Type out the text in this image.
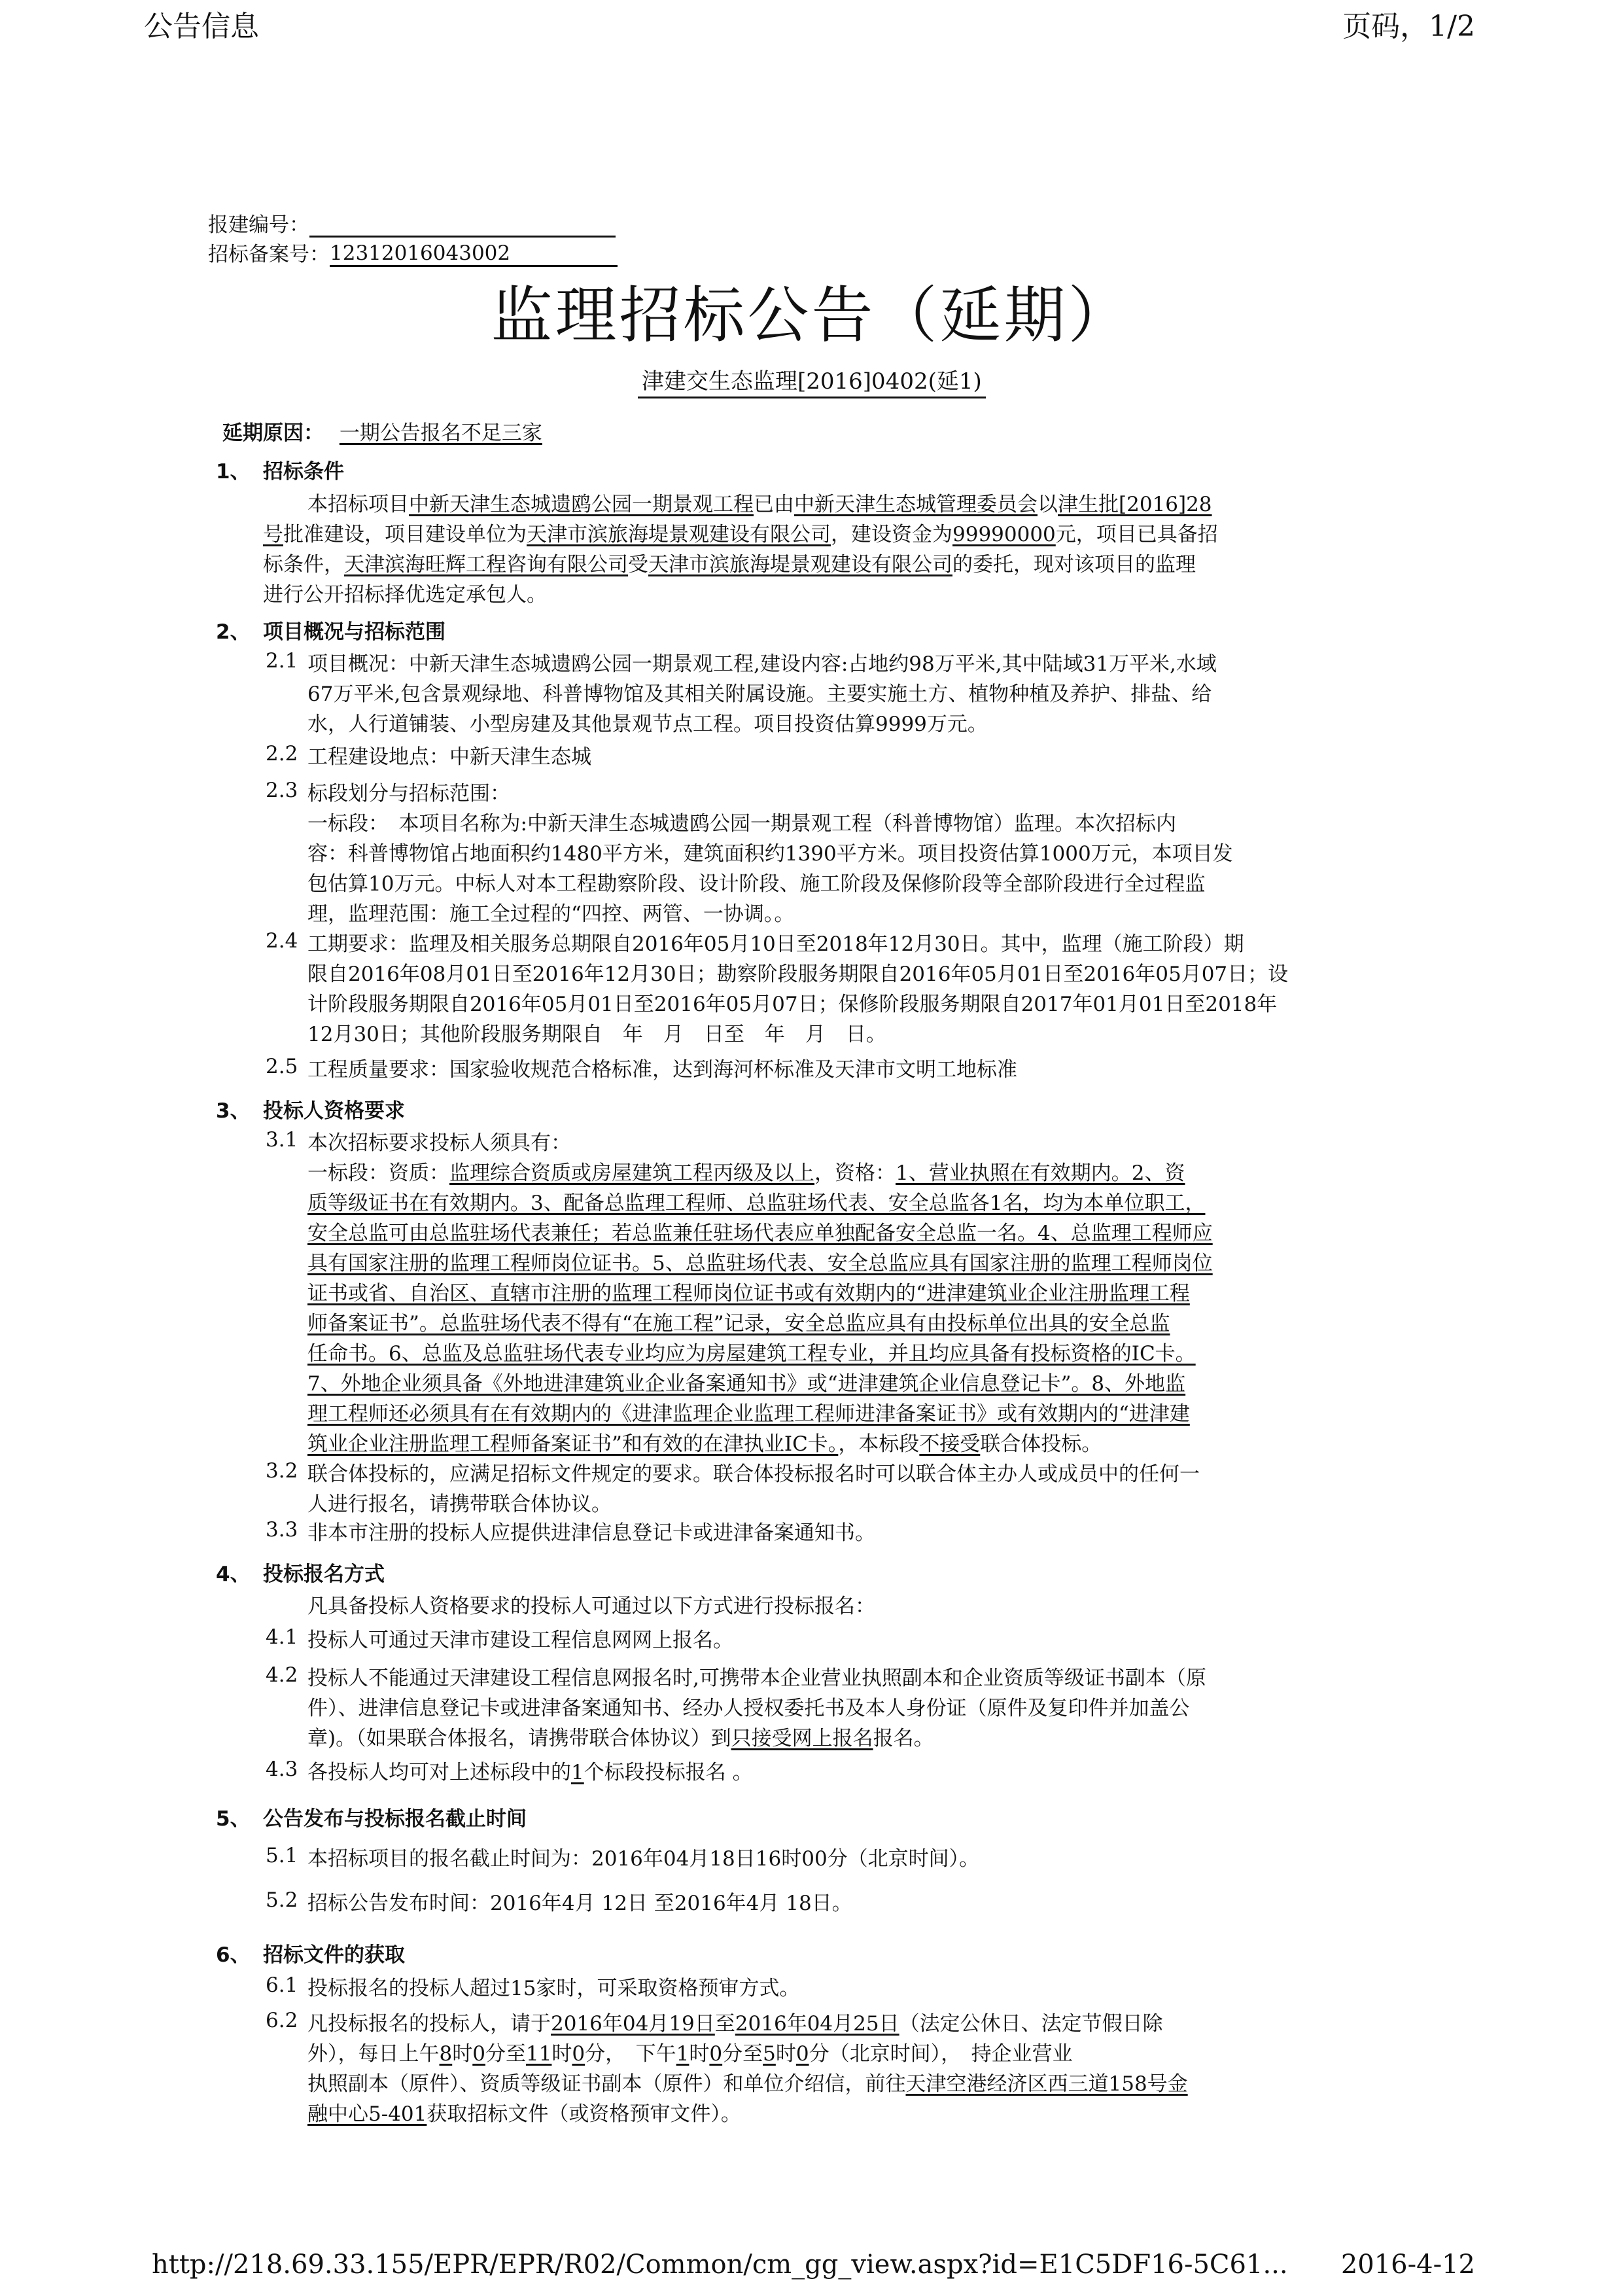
公告信息	页码，1/2
报建编号：
招标备案号：12312016043002
监理招标公告（延期）
津建交生态监理[2016]0402(延1)
延期原因： 一期公告报名不足三家
1、 招标条件
本招标项目中新天津生态城遗鸥公园一期景观工程已由中新天津生态城管理委员会以津生批[2016]28
号批准建设，项目建设单位为天津市滨旅海堤景观建设有限公司，建设资金为99990000元，项目已具备招
标条件，天津滨海旺辉工程咨询有限公司受天津市滨旅海堤景观建设有限公司的委托，现对该项目的监理
进行公开招标择优选定承包人。
2、 项目概况与招标范围
2.1 项目概况：中新天津生态城遗鸥公园一期景观工程,建设内容:占地约98万平米,其中陆域31万平米,水域
67万平米,包含景观绿地、科普博物馆及其相关附属设施。主要实施土方、植物种植及养护、排盐、给
水，人行道铺装、小型房建及其他景观节点工程。项目投资估算9999万元。
2.2 工程建设地点：中新天津生态城
2.3 标段划分与招标范围：
一标段：　本项目名称为:中新天津生态城遗鸥公园一期景观工程（科普博物馆）监理。本次招标内
容：科普博物馆占地面积约1480平方米，建筑面积约1390平方米。项目投资估算1000万元，本项目发
包估算10万元。中标人对本工程勘察阶段、设计阶段、施工阶段及保修阶段等全部阶段进行全过程监
理，监理范围：施工全过程的“四控、两管、一协调。。
2.4 工期要求：监理及相关服务总期限自2016年05月10日至2018年12月30日。其中，监理（施工阶段）期
限自2016年08月01日至2016年12月30日；勘察阶段服务期限自2016年05月01日至2016年05月07日；设
计阶段服务期限自2016年05月01日至2016年05月07日；保修阶段服务期限自2017年01月01日至2018年
12月30日；其他阶段服务期限自　年　月　日至　年　月　日。
2.5 工程质量要求：国家验收规范合格标准，达到海河杯标准及天津市文明工地标准
3、 投标人资格要求
3.1 本次招标要求投标人须具有：
一标段：资质：监理综合资质或房屋建筑工程丙级及以上，资格：1、营业执照在有效期内。2、资
质等级证书在有效期内。3、配备总监理工程师、总监驻场代表、安全总监各1名，均为本单位职工，
安全总监可由总监驻场代表兼任；若总监兼任驻场代表应单独配备安全总监一名。4、总监理工程师应
具有国家注册的监理工程师岗位证书。5、总监驻场代表、安全总监应具有国家注册的监理工程师岗位
证书或省、自治区、直辖市注册的监理工程师岗位证书或有效期内的“进津建筑业企业注册监理工程
师备案证书”。总监驻场代表不得有“在施工程”记录，安全总监应具有由投标单位出具的安全总监
任命书。6、总监及总监驻场代表专业均应为房屋建筑工程专业，并且均应具备有投标资格的IC卡。
7、外地企业须具备《外地进津建筑业企业备案通知书》或“进津建筑企业信息登记卡”。8、外地监
理工程师还必须具有在有效期内的《进津监理企业监理工程师进津备案证书》或有效期内的“进津建
筑业企业注册监理工程师备案证书”和有效的在津执业IC卡。，本标段不接受联合体投标。
3.2 联合体投标的，应满足招标文件规定的要求。联合体投标报名时可以联合体主办人或成员中的任何一
人进行报名，请携带联合体协议。
3.3 非本市注册的投标人应提供进津信息登记卡或进津备案通知书。
4、 投标报名方式
凡具备投标人资格要求的投标人可通过以下方式进行投标报名：
4.1 投标人可通过天津市建设工程信息网网上报名。
4.2 投标人不能通过天津建设工程信息网报名时,可携带本企业营业执照副本和企业资质等级证书副本（原
件）、进津信息登记卡或进津备案通知书、经办人授权委托书及本人身份证（原件及复印件并加盖公
章)。（如果联合体报名，请携带联合体协议）到只接受网上报名报名。
4.3 各投标人均可对上述标段中的1个标段投标报名 。
5、 公告发布与投标报名截止时间
5.1 本招标项目的报名截止时间为：2016年04月18日16时00分（北京时间）。
5.2 招标公告发布时间：2016年4月 12日 至2016年4月 18日。
6、 招标文件的获取
6.1 投标报名的投标人超过15家时，可采取资格预审方式。
6.2 凡投标报名的投标人，请于2016年04月19日至2016年04月25日（法定公休日、法定节假日除
外），每日上午8时0分至11时0分，　下午1时0分至5时0分（北京时间），　持企业营业
执照副本（原件）、资质等级证书副本（原件）和单位介绍信，前往天津空港经济区西三道158号金
融中心5-401获取招标文件（或资格预审文件）。
http://218.69.33.155/EPR/EPR/R02/Common/cm_gg_view.aspx?id=E1C5DF16-5C61... 2016-4-12
